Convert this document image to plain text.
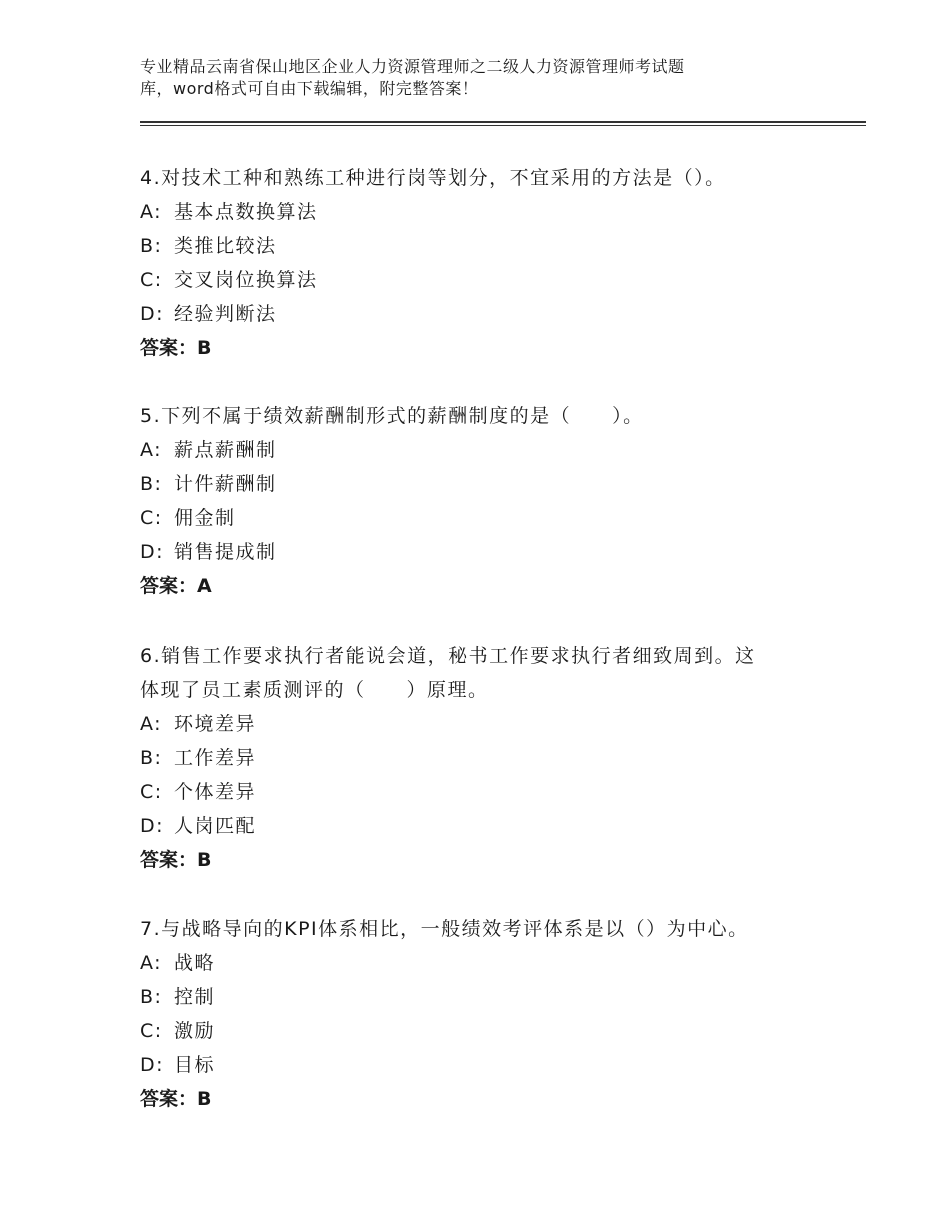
专业精品云南省保山地区企业人力资源管理师之二级人力资源管理师考试题
库，word格式可自由下载编辑，附完整答案！

4.对技术工种和熟练工种进行岗等划分，不宜采用的方法是（）。

A: 基本点数换算法

B: 类推比较法

C: 交叉岗位换算法

D: 经验判断法

答案：B

5.下列不属于绩效薪酬制形式的薪酬制度的是（　　）。

A: 薪点薪酬制

B: 计件薪酬制

C: 佣金制

D: 销售提成制

答案：A

6.销售工作要求执行者能说会道，秘书工作要求执行者细致周到。这

体现了员工素质测评的（　　）原理。

A: 环境差异

B: 工作差异

C: 个体差异

D: 人岗匹配

答案：B

7.与战略导向的KPI体系相比，一般绩效考评体系是以（）为中心。

A: 战略

B: 控制

C: 激励

D: 目标

答案：B
